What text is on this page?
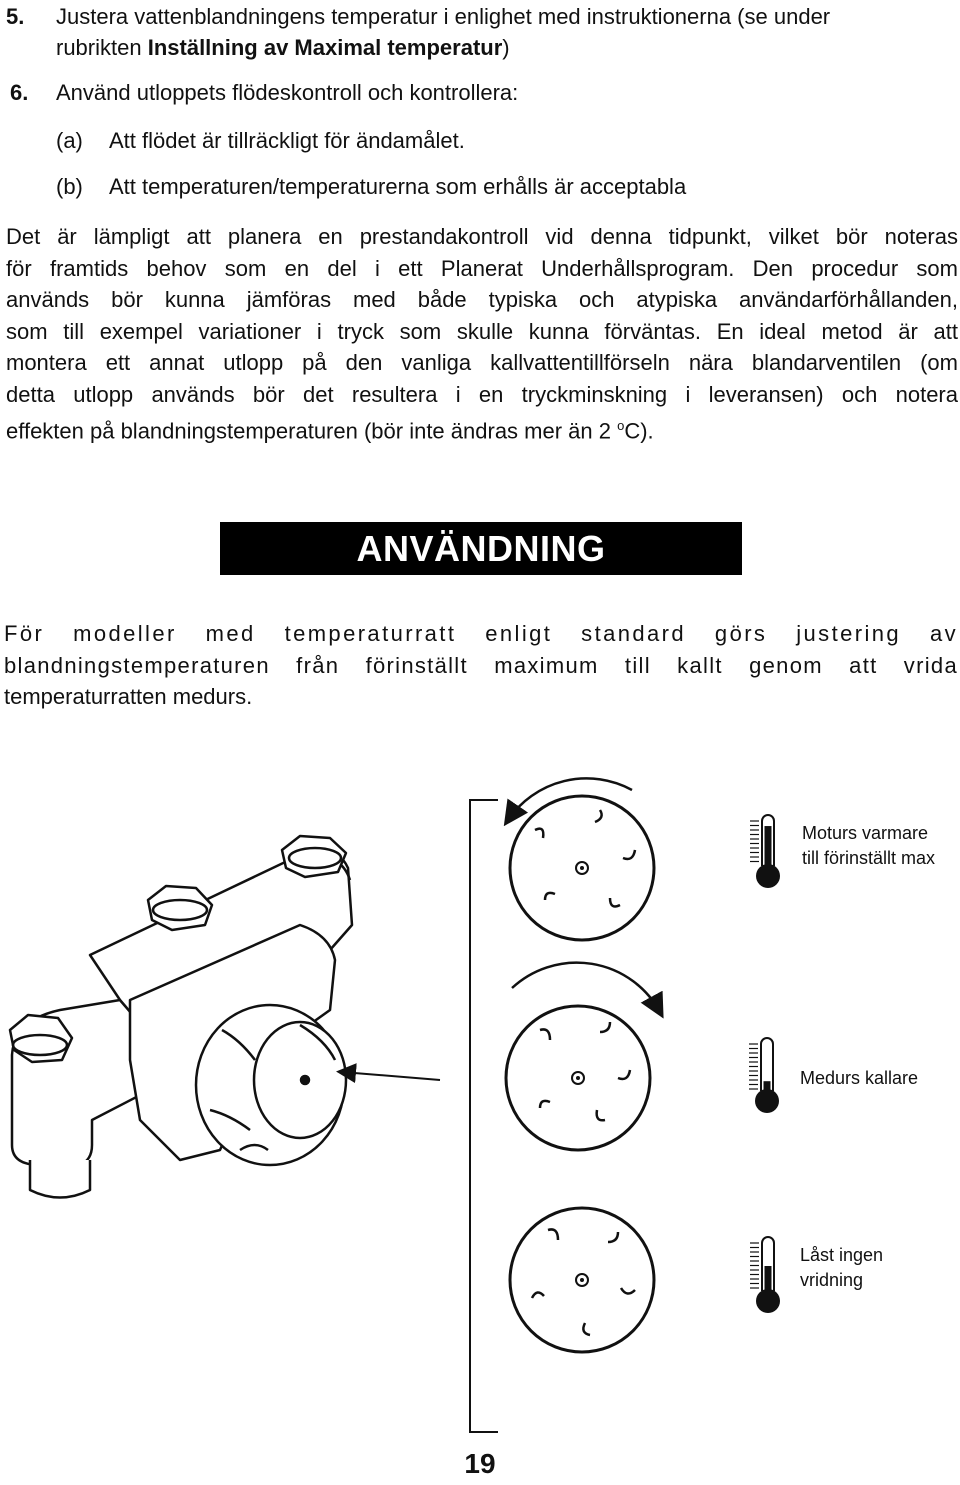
5. Justera vattenblandningens temperatur i enlighet med instruktionerna (se under
rubrikten Inställning av Maximal temperatur)
6. Använd utloppets flödeskontroll och kontrollera:
(a) Att flödet är tillräckligt för ändamålet.
(b) Att temperaturen/temperaturerna som erhålls är acceptabla
Det är lämpligt att planera en prestandakontroll vid denna tidpunkt, vilket bör noteras
för framtids behov som en del i ett Planerat Underhållsprogram. Den procedur som
används bör kunna jämföras med både typiska och atypiska användarförhållanden,
som till exempel variationer i tryck som skulle kunna förväntas. En ideal metod är att
montera ett annat utlopp på den vanliga kallvattentillförseln nära blandarventilen (om
detta utlopp används bör det resultera i en tryckminskning i leveransen) och notera
effekten på blandningstemperaturen (bör inte ändras mer än 2 $^o$C).
ANVÄNDNING
För modeller med temperaturratt enligt standard görs justering av
blandningstemperaturen från förinställt maximum till kallt genom att vrida
temperaturratten medurs.
Moturs varmare
till förinställt max
Medurs kallare
Låst ingen
vridning
19
